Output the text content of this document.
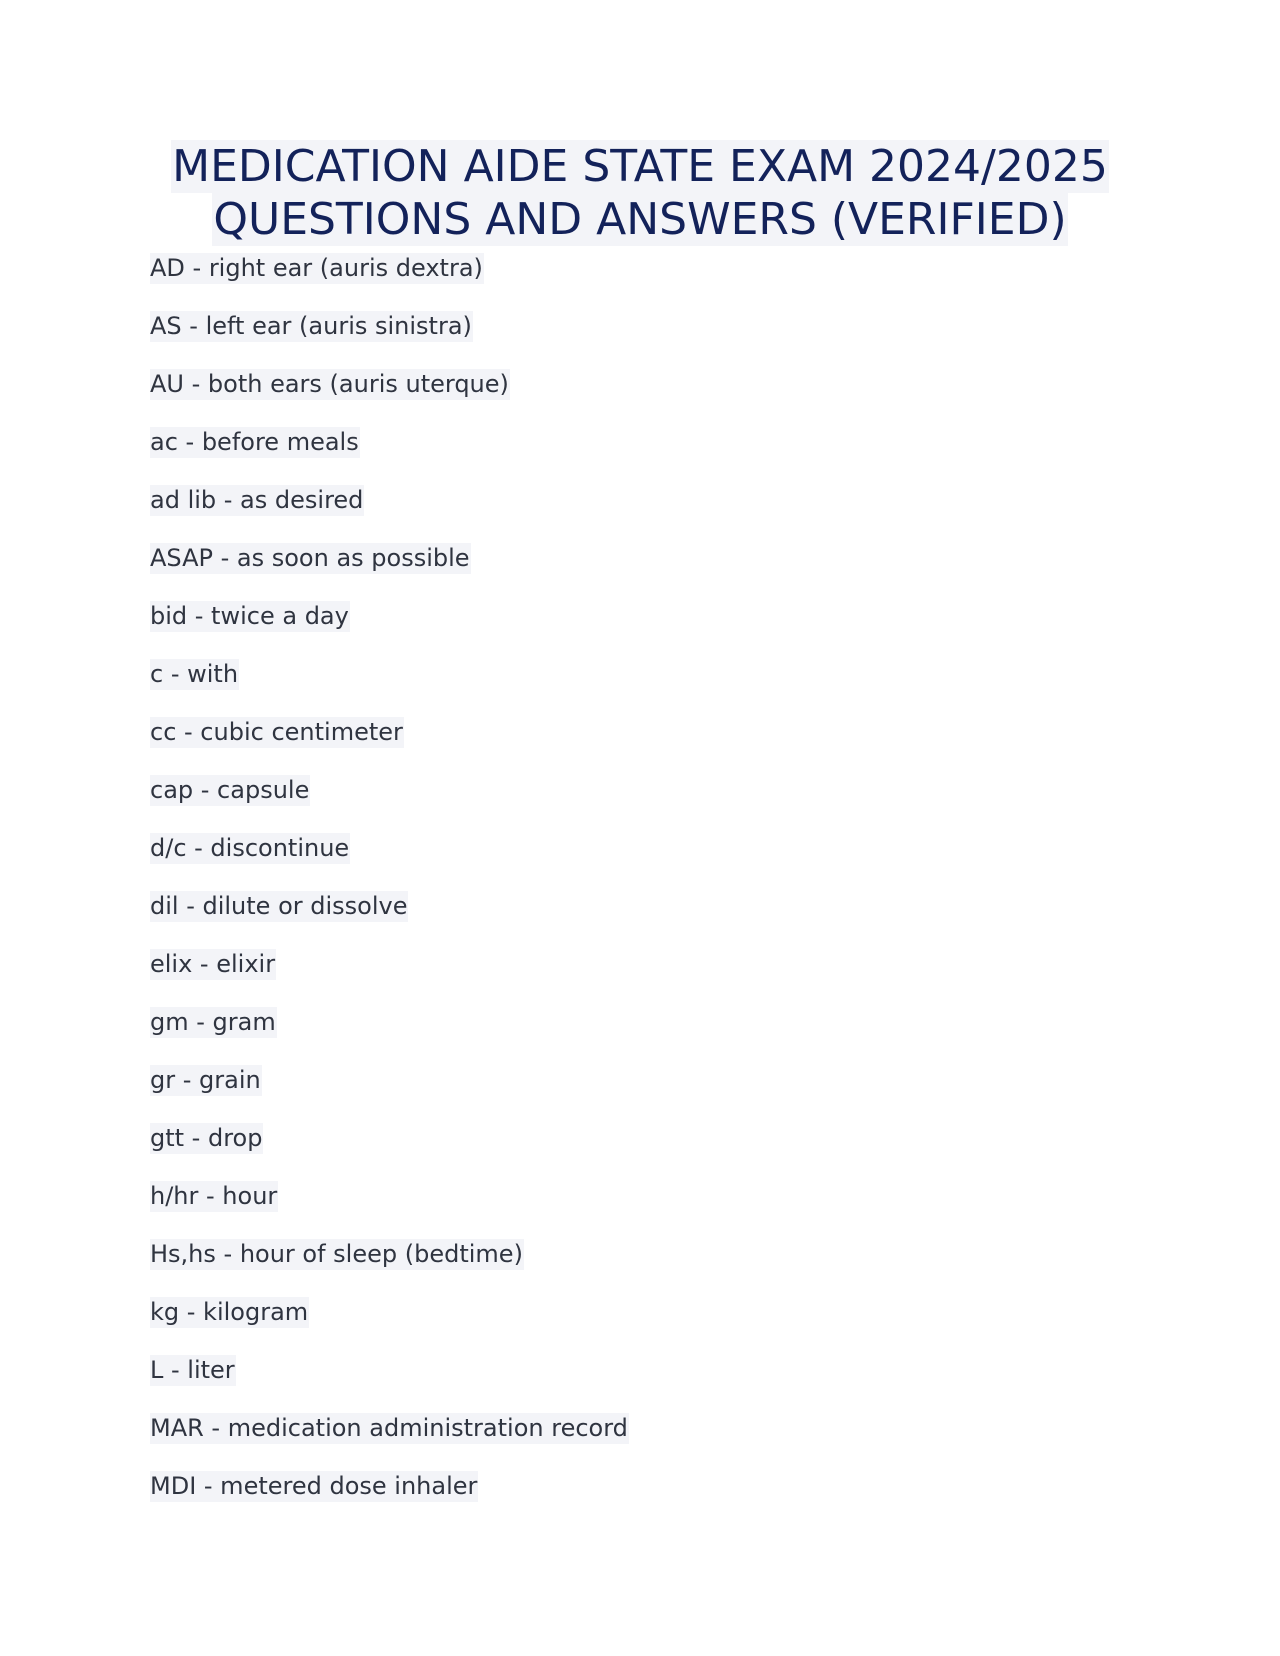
MEDICATION AIDE STATE EXAM 2024/2025
QUESTIONS AND ANSWERS (VERIFIED)
AD - right ear (auris dextra)
AS - left ear (auris sinistra)
AU - both ears (auris uterque)
ac - before meals
ad lib - as desired
ASAP - as soon as possible
bid - twice a day
c - with
cc - cubic centimeter
cap - capsule
d/c - discontinue
dil - dilute or dissolve
elix - elixir
gm - gram
gr - grain
gtt - drop
h/hr - hour
Hs,hs - hour of sleep (bedtime)
kg - kilogram
L - liter
MAR - medication administration record
MDI - metered dose inhaler
